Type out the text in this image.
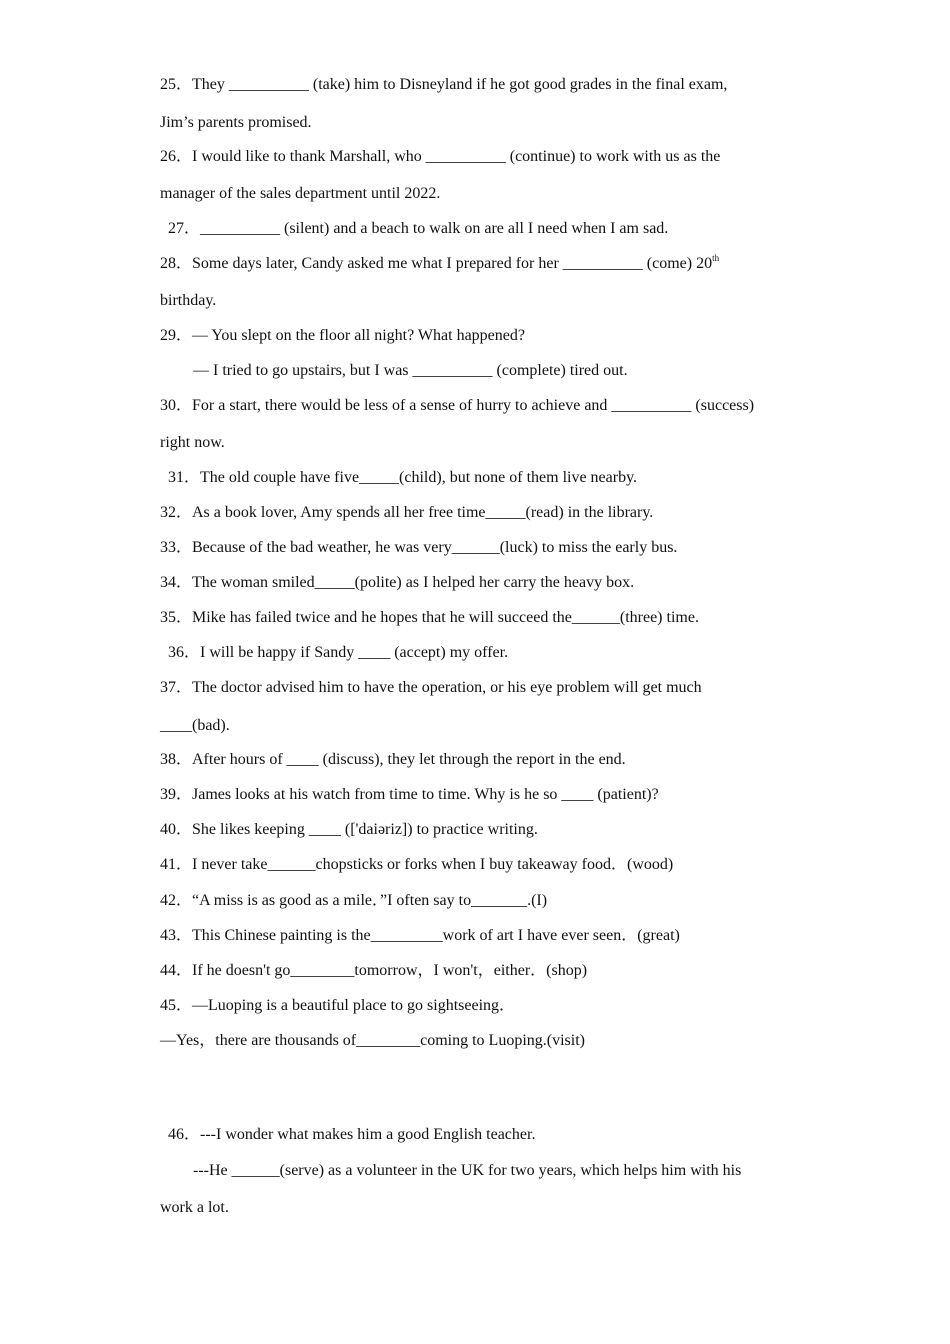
25．They __________ (take) him to Disneyland if he got good grades in the final exam,
Jim’s parents promised.
26．I would like to thank Marshall, who __________ (continue) to work with us as the
manager of the sales department until 2022.
27．__________ (silent) and a beach to walk on are all I need when I am sad.
28．Some days later, Candy asked me what I prepared for her __________ (come) 20th
birthday.
29．— You slept on the floor all night? What happened?
— I tried to go upstairs, but I was __________ (complete) tired out.
30．For a start, there would be less of a sense of hurry to achieve and __________ (success)
right now.
31．The old couple have five_____(child), but none of them live nearby.
32．As a book lover, Amy spends all her free time_____(read) in the library.
33．Because of the bad weather, he was very______(luck) to miss the early bus.
34．The woman smiled_____(polite) as I helped her carry the heavy box.
35．Mike has failed twice and he hopes that he will succeed the______(three) time.
36．I will be happy if Sandy ____ (accept) my offer.
37．The doctor advised him to have the operation, or his eye problem will get much
____(bad).
38．After hours of ____ (discuss), they let through the report in the end.
39．James looks at his watch from time to time. Why is he so ____ (patient)?
40．She likes keeping ____ (['daiəriz]) to practice writing.
41．I never take______chopsticks or forks when I buy takeaway food．(wood)
42．“A miss is as good as a mile．”I often say to_______.(I)
43．This Chinese painting is the_________work of art I have ever seen．(great)
44．If he doesn't go________tomorrow，I won't，either．(shop)
45．—Luoping is a beautiful place to go sightseeing．
—Yes，there are thousands of________coming to Luoping.(visit)
46．---I wonder what makes him a good English teacher.
---He ______(serve) as a volunteer in the UK for two years, which helps him with his
work a lot.
